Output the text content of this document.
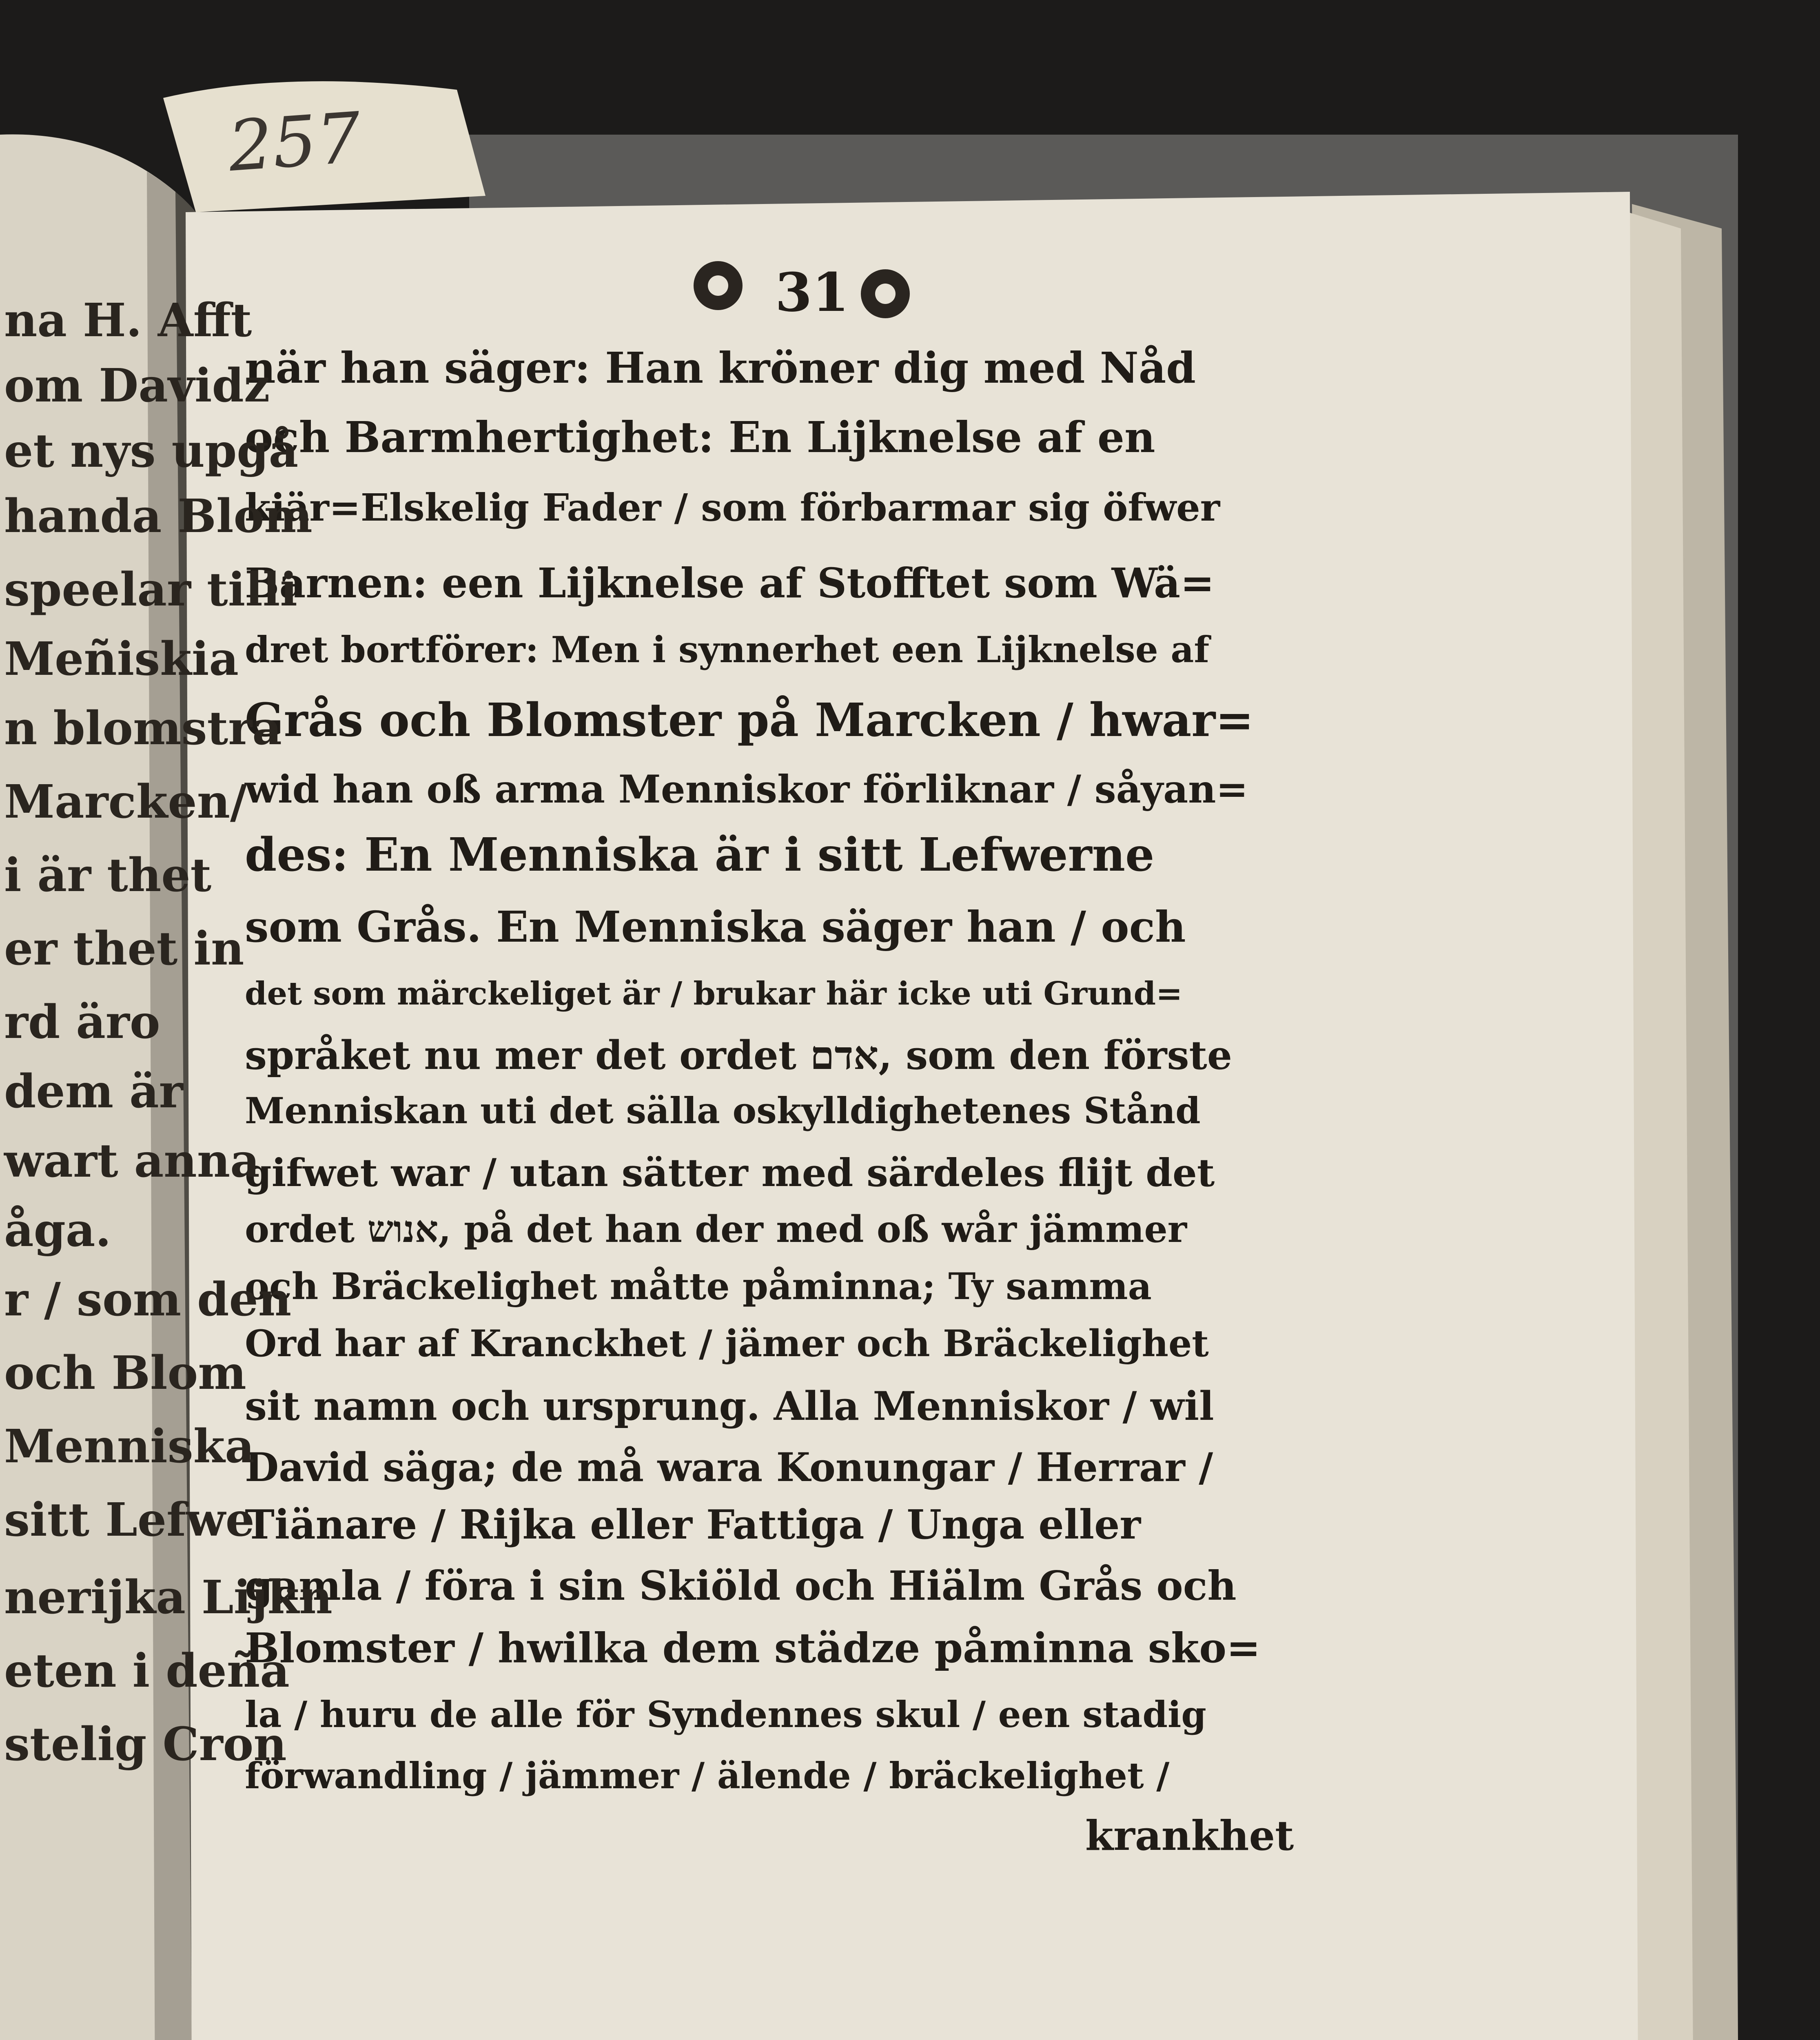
257
31
när han säger: Han kröner dig med Nåd
och Barmhertighet: En Lijknelse af en
kiär=Elskelig Fader / som förbarmar sig öfwer
Barnen: een Lijknelse af Stofftet som Wä=
dret bortförer: Men i synnerhet een Lijknelse af
Grås och Blomster på Marcken / hwar=
wid han oß arma Menniskor förliknar / såyan=
des: En Menniska är i sitt Lefwerne
som Grås. En Menniska säger han / och
det som märckeliget är / brukar här icke uti Grund=
språket nu mer det ordet אדם, som den förste
Menniskan uti det sälla oskylldighetenes Stånd
gifwet war / utan sätter med särdeles flijt det
ordet אנוש, på det han der med oß wår jämmer
och Bräckelighet måtte påminna; Ty samma
Ord har af Kranckhet / jämer och Bräckelighet
sit namn och ursprung. Alla Menniskor / wil
David säga; de må wara Konungar / Herrar /
Tiänare / Rijka eller Fattiga / Unga eller
gamla / föra i sin Skiöld och Hiälm Grås och
Blomster / hwilka dem städze påminna sko=
la / huru de alle för Syndennes skul / een stadig
förwandling / jämmer / älende / bräckelighet /
krankhet
na H. Afft
om Davidz
et nys upgå
handa Blom
speelar tilli
Meñiskia
n blomstra
Marcken/
i är thet
er thet in
rd äro
dem är
wart anna
åga.
r / som den
och Blom
Menniska
sitt Lefwe
nerijka Lijkn
eten i deña
stelig Cron
